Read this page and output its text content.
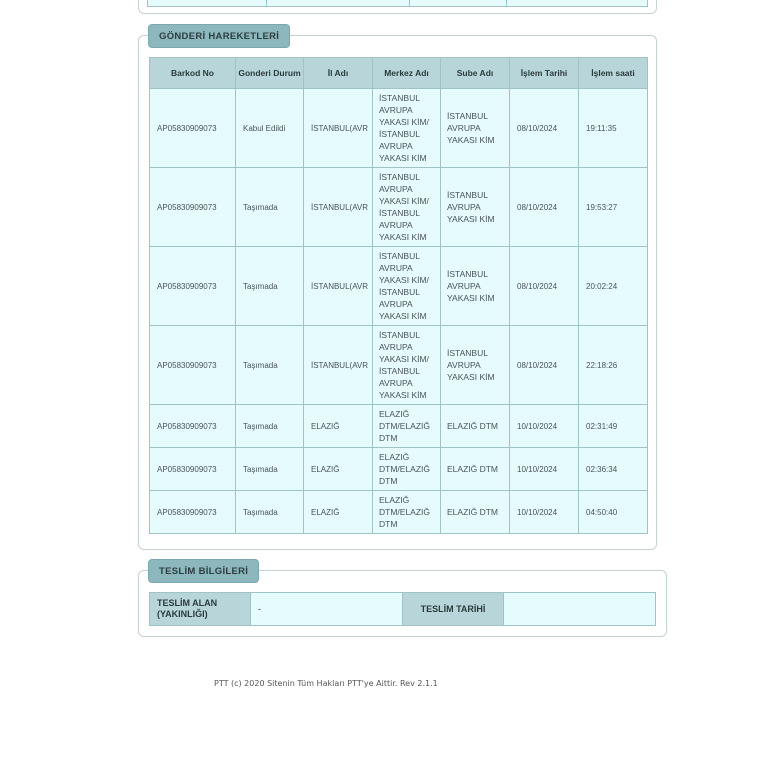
GÖNDERİ HAREKETLERİ
Barkod No	Gonderi Durum	İl Adı	Merkez Adı	Sube Adı	İşlem Tarihi	İşlem saati
AP05830909073	Kabul Edildi	İSTANBUL(AVR	İSTANBUL AVRUPA YAKASI KİM/ İSTANBUL AVRUPA YAKASI KİM	İSTANBUL AVRUPA YAKASI KİM	08/10/2024	19:11:35
AP05830909073	Taşımada	İSTANBUL(AVR	İSTANBUL AVRUPA YAKASI KİM/ İSTANBUL AVRUPA YAKASI KİM	İSTANBUL AVRUPA YAKASI KİM	08/10/2024	19:53:27
AP05830909073	Taşımada	İSTANBUL(AVR	İSTANBUL AVRUPA YAKASI KİM/ İSTANBUL AVRUPA YAKASI KİM	İSTANBUL AVRUPA YAKASI KİM	08/10/2024	20:02:24
AP05830909073	Taşımada	İSTANBUL(AVR	İSTANBUL AVRUPA YAKASI KİM/ İSTANBUL AVRUPA YAKASI KİM	İSTANBUL AVRUPA YAKASI KİM	08/10/2024	22:18:26
AP05830909073	Taşımada	ELAZIĞ	ELAZIĞ DTM/ELAZIĞ DTM	ELAZIĞ DTM	10/10/2024	02:31:49
AP05830909073	Taşımada	ELAZIĞ	ELAZIĞ DTM/ELAZIĞ DTM	ELAZIĞ DTM	10/10/2024	02:36:34
AP05830909073	Taşımada	ELAZIĞ	ELAZIĞ DTM/ELAZIĞ DTM	ELAZIĞ DTM	10/10/2024	04:50:40
TESLİM BİLGİLERİ
TESLİM ALAN (YAKINLIĞI)	-	TESLİM TARİHİ	
PTT (c) 2020 Sitenin Tüm Hakları PTT'ye Aittir. Rev 2.1.1
